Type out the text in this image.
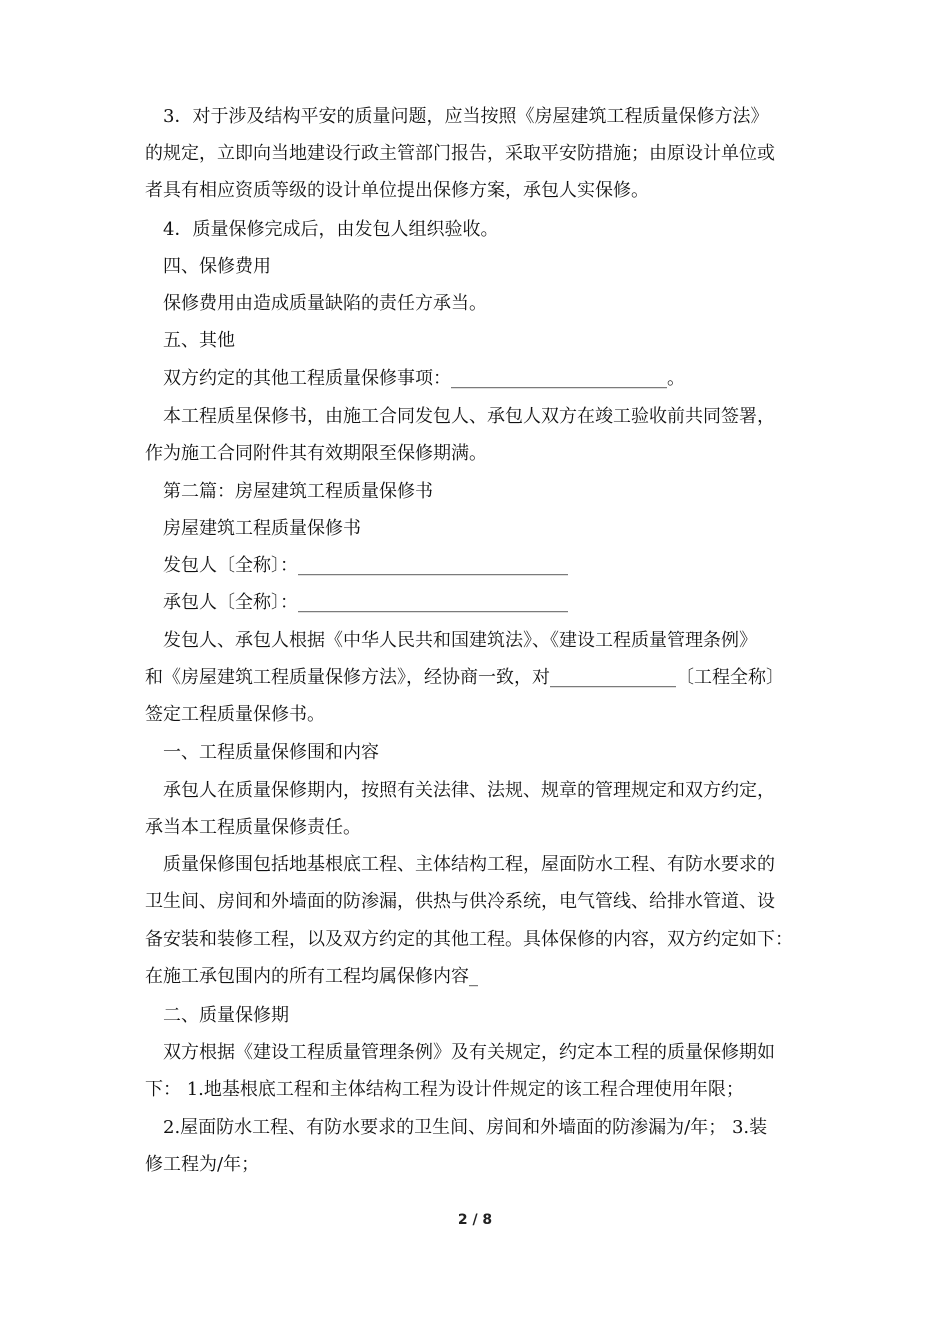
3．对于涉及结构平安的质量问题，应当按照《房屋建筑工程质量保修方法》
的规定，立即向当地建设行政主管部门报告，采取平安防措施；由原设计单位或
者具有相应资质等级的设计单位提出保修方案，承包人实保修。
4．质量保修完成后，由发包人组织验收。
四、保修费用
保修费用由造成质量缺陷的责任方承当。
五、其他
双方约定的其他工程质量保修事项：________________________。
本工程质星保修书，由施工合同发包人、承包人双方在竣工验收前共同签署，
作为施工合同附件其有效期限至保修期满。
第二篇：房屋建筑工程质量保修书
房屋建筑工程质量保修书
发包人〔全称〕：______________________________
承包人〔全称〕：______________________________
发包人、承包人根据《中华人民共和国建筑法》、《建设工程质量管理条例》
和《房屋建筑工程质量保修方法》，经协商一致，对______________〔工程全称〕
签定工程质量保修书。
一、工程质量保修围和内容
承包人在质量保修期内，按照有关法律、法规、规章的管理规定和双方约定，
承当本工程质量保修责任。
质量保修围包括地基根底工程、主体结构工程，屋面防水工程、有防水要求的
卫生间、房间和外墙面的防渗漏，供热与供冷系统，电气管线、给排水管道、设
备安装和装修工程，以及双方约定的其他工程。具体保修的内容，双方约定如下：
在施工承包围内的所有工程均属保修内容_
二、质量保修期
双方根据《建设工程质量管理条例》及有关规定，约定本工程的质量保修期如
下： 1.地基根底工程和主体结构工程为设计件规定的该工程合理使用年限；
2.屋面防水工程、有防水要求的卫生间、房间和外墙面的防渗漏为/年； 3.装
修工程为/年；
2 / 8
